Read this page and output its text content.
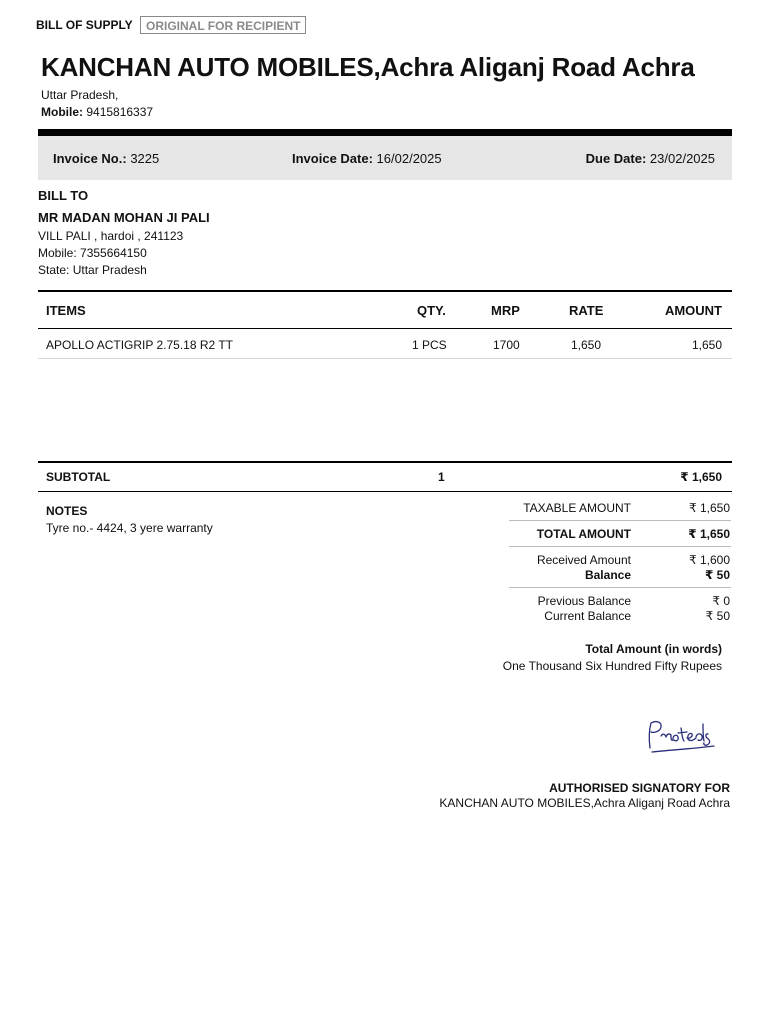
BILL OF SUPPLY	ORIGINAL FOR RECIPIENT
KANCHAN AUTO MOBILES,Achra Aliganj Road Achra
Uttar Pradesh,
Mobile: 9415816337
Invoice No.: 3225	Invoice Date: 16/02/2025	Due Date: 23/02/2025
BILL TO
MR MADAN MOHAN JI PALI
VILL PALI , hardoi , 241123
Mobile: 7355664150
State: Uttar Pradesh
ITEMS	QTY.	MRP	RATE	AMOUNT
APOLLO ACTIGRIP 2.75.18 R2 TT	1 PCS	1700	1,650	1,650
SUBTOTAL	1	₹ 1,650
NOTES
Tyre no.- 4424, 3 yere warranty
TAXABLE AMOUNT	₹ 1,650
TOTAL AMOUNT	₹ 1,650
Received Amount	₹ 1,600
Balance	₹ 50
Previous Balance	₹ 0
Current Balance	₹ 50
Total Amount (in words)
One Thousand Six Hundred Fifty Rupees
AUTHORISED SIGNATORY FOR
KANCHAN AUTO MOBILES,Achra Aliganj Road Achra
